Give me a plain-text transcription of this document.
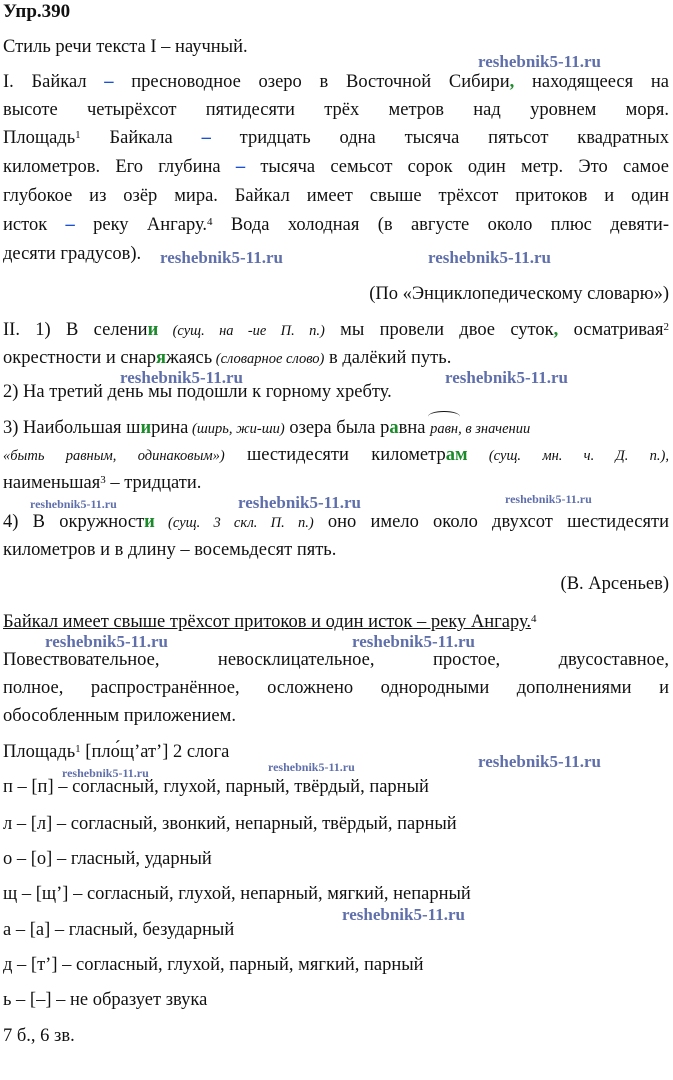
Упр.390
Стиль речи текста I – научный.
I. Байкал – пресноводное озеро в Восточной Сибири, находящееся на
высоте четырёхсот пятидесяти трёх метров над уровнем моря.
Площадь$^1$ Байкала – тридцать одна тысяча пятьсот квадратных
километров. Его глубина – тысяча семьсот сорок один метр. Это самое
глубокое из озёр мира. Байкал имеет свыше трёхсот притоков и один
исток – реку Ангару.$^4$ Вода холодная (в августе около плюс девяти-
десяти градусов).
(По «Энциклопедическому словарю»)
II. 1) В селении (сущ. на -ие П. п.) мы провели двое суток, осматривая$^2$
окрестности и снаряжаясь (словарное слово) в далёкий путь.
2) На третий день мы подошли к горному хребту.
3) Наибольшая ширина (ширь, жи-ши) озера была равна равн, в значении
«быть равным, одинаковым») шестидесяти километрам (сущ. мн. ч. Д. п.),
наименьшая$^3$ – тридцати.
4) В окружности (сущ. 3 скл. П. п.) оно имело около двухсот шестидесяти
километров и в длину – восемьдесят пять.
(В. Арсеньев)
Байкал имеет свыше трёхсот притоков и один исток – реку Ангару.$^4$
Повествовательное, невосклицательное, простое, двусоставное,
полное, распространённое, осложнено однородными дополнениями и
обособленным приложением.
Площадь$^1$ [пло́щ’ат’] 2 слога
п – [п] – согласный, глухой, парный, твёрдый, парный
л – [л] – согласный, звонкий, непарный, твёрдый, парный
о – [о] – гласный, ударный
щ – [щ’] – согласный, глухой, непарный, мягкий, непарный
а – [а] – гласный, безударный
д – [т’] – согласный, глухой, парный, мягкий, парный
ь – [–] – не образует звука
7 б., 6 зв.
reshebnik5-11.ru
reshebnik5-11.ru	reshebnik5-11.ru
reshebnik5-11.ru	reshebnik5-11.ru
reshebnik5-11.ru	reshebnik5-11.ru	reshebnik5-11.ru
reshebnik5-11.ru	reshebnik5-11.ru
reshebnik5-11.ru	reshebnik5-11.ru	reshebnik5-11.ru
reshebnik5-11.ru
